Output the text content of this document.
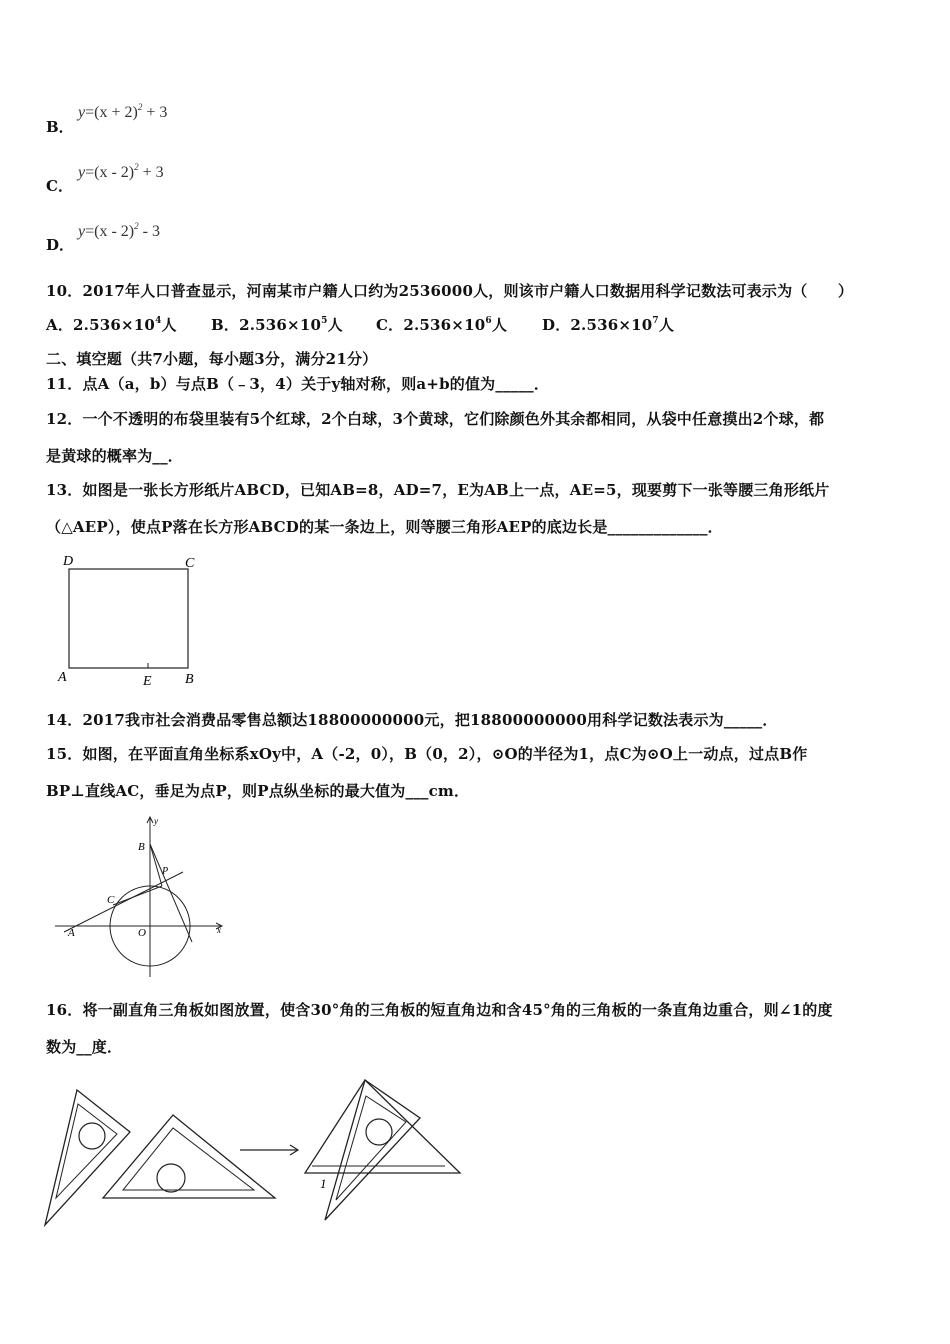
B．
$y=(x + 2)^2 + 3$
C．
y=(x - 2)$^2$ + 3
D．
y=(x - 2)$^2$ - 3
10．2017年人口普查显示，河南某市户籍人口约为2536000人，则该市户籍人口数据用科学记数法可表示为（　　）
A．$2.536\times 10^4$人 B．$2.536\times 10^5$人 C．$2.536\times 10^6$人 D．$2.536\times 10^7$人
二、填空题（共7小题，每小题3分，满分21分）
11．点A（a，b）与点B（﹣3，4）关于y轴对称，则a+b的值为_____．
12．一个不透明的布袋里装有5个红球，2个白球，3个黄球，它们除颜色外其余都相同，从袋中任意摸出2个球，都
是黄球的概率为__．
13．如图是一张长方形纸片ABCD，已知AB=8，AD=7，E为AB上一点，AE=5，现要剪下一张等腰三角形纸片
（△AEP），使点P落在长方形ABCD的某一条边上，则等腰三角形AEP的底边长是_____________．
D	C
A	E B
14．2017我市社会消费品零售总额达18800000000元，把18800000000用科学记数法表示为_____．
15．如图，在平面直角坐标系xOy中，A（-2，0），B（0，2），⊙O的半径为1，点C为⊙O上一动点，过点B作
BP⊥直线AC，垂足为点P，则P点纵坐标的最大值为___cm．
y
x
B
P
C
A	O
16．将一副直角三角板如图放置，使含30°角的三角板的短直角边和含45°角的三角板的一条直角边重合，则∠1的度
数为__度．
1
